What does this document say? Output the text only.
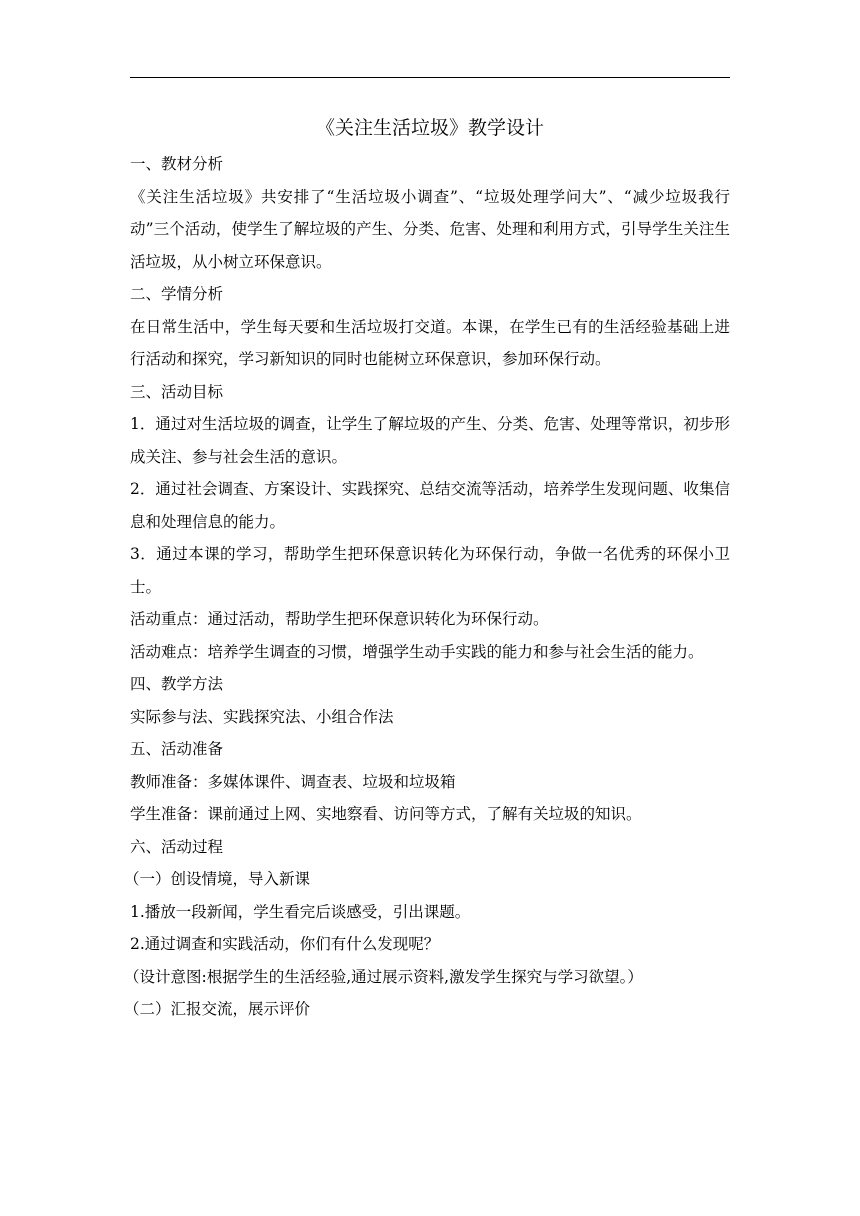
《关注生活垃圾》教学设计

一、教材分析

《关注生活垃圾》共安排了“生活垃圾小调查”、“垃圾处理学问大”、“减少垃圾我行动”三个活动，使学生了解垃圾的产生、分类、危害、处理和利用方式，引导学生关注生活垃圾，从小树立环保意识。

二、学情分析

在日常生活中，学生每天要和生活垃圾打交道。本课，在学生已有的生活经验基础上进行活动和探究，学习新知识的同时也能树立环保意识，参加环保行动。

三、活动目标

1．通过对生活垃圾的调查，让学生了解垃圾的产生、分类、危害、处理等常识，初步形成关注、参与社会生活的意识。

2．通过社会调查、方案设计、实践探究、总结交流等活动，培养学生发现问题、收集信息和处理信息的能力。

3．通过本课的学习，帮助学生把环保意识转化为环保行动，争做一名优秀的环保小卫士。

活动重点：通过活动，帮助学生把环保意识转化为环保行动。

活动难点：培养学生调查的习惯，增强学生动手实践的能力和参与社会生活的能力。

四、教学方法

实际参与法、实践探究法、小组合作法

五、活动准备

教师准备：多媒体课件、调查表、垃圾和垃圾箱

学生准备：课前通过上网、实地察看、访问等方式，了解有关垃圾的知识。

六、活动过程

（一）创设情境，导入新课

1.播放一段新闻，学生看完后谈感受，引出课题。

2.通过调查和实践活动，你们有什么发现呢？

（设计意图:根据学生的生活经验,通过展示资料,激发学生探究与学习欲望。）

（二）汇报交流，展示评价
